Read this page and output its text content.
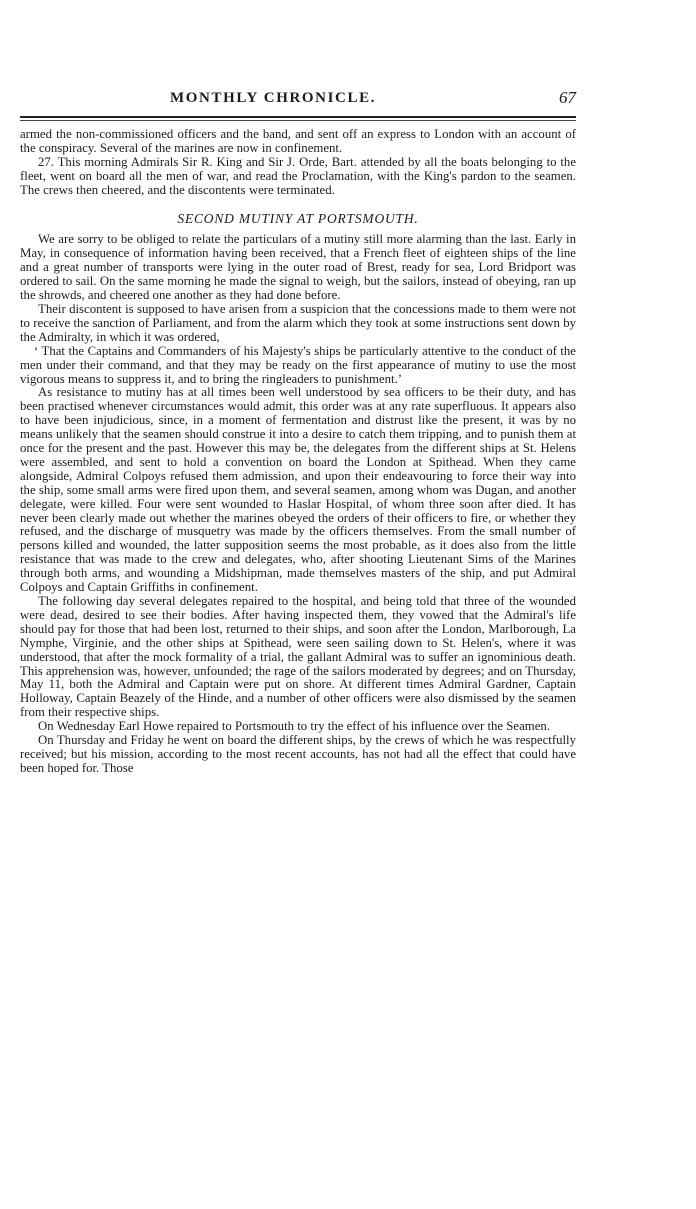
MONTHLY CHRONICLE.	67

armed the non-commissioned officers and the band, and sent off an express to London with an account of the conspiracy. Several of the marines are now in confinement.

27. This morning Admirals Sir R. King and Sir J. Orde, Bart. attended by all the boats belonging to the fleet, went on board all the men of war, and read the Proclamation, with the King's pardon to the seamen. The crews then cheered, and the discontents were terminated.

SECOND MUTINY AT PORTSMOUTH.

We are sorry to be obliged to relate the particulars of a mutiny still more alarming than the last. Early in May, in consequence of information having been received, that a French fleet of eighteen ships of the line and a great number of transports were lying in the outer road of Brest, ready for sea, Lord Bridport was ordered to sail. On the same morning he made the signal to weigh, but the sailors, instead of obeying, ran up the shrowds, and cheered one another as they had done before.

Their discontent is supposed to have arisen from a suspicion that the concessions made to them were not to receive the sanction of Parliament, and from the alarm which they took at some instructions sent down by the Admiralty, in which it was ordered,

‘ That the Captains and Commanders of his Majesty's ships be particularly attentive to the conduct of the men under their command, and that they may be ready on the first appearance of mutiny to use the most vigorous means to suppress it, and to bring the ringleaders to punishment.’

As resistance to mutiny has at all times been well understood by sea officers to be their duty, and has been practised whenever circumstances would admit, this order was at any rate superfluous. It appears also to have been injudicious, since, in a moment of fermentation and distrust like the present, it was by no means unlikely that the seamen should construe it into a desire to catch them tripping, and to punish them at once for the present and the past. However this may be, the delegates from the different ships at St. Helens were assembled, and sent to hold a convention on board the London at Spithead. When they came alongside, Admiral Colpoys refused them admission, and upon their endeavouring to force their way into the ship, some small arms were fired upon them, and several seamen, among whom was Dugan, and another delegate, were killed. Four were sent wounded to Haslar Hospital, of whom three soon after died. It has never been clearly made out whether the marines obeyed the orders of their officers to fire, or whether they refused, and the discharge of musquetry was made by the officers themselves. From the small number of persons killed and wounded, the latter supposition seems the most probable, as it does also from the little resistance that was made to the crew and delegates, who, after shooting Lieutenant Sims of the Marines through both arms, and wounding a Midshipman, made themselves masters of the ship, and put Admiral Colpoys and Captain Griffiths in confinement.

The following day several delegates repaired to the hospital, and being told that three of the wounded were dead, desired to see their bodies. After having inspected them, they vowed that the Admiral's life should pay for those that had been lost, returned to their ships, and soon after the London, Marlborough, La Nymphe, Virginie, and the other ships at Spithead, were seen sailing down to St. Helen's, where it was understood, that after the mock formality of a trial, the gallant Admiral was to suffer an ignominious death. This apprehension was, however, unfounded; the rage of the sailors moderated by degrees; and on Thursday, May 11, both the Admiral and Captain were put on shore. At different times Admiral Gardner, Captain Holloway, Captain Beazely of the Hinde, and a number of other officers were also dismissed by the seamen from their respective ships.

On Wednesday Earl Howe repaired to Portsmouth to try the effect of his influence over the Seamen.

On Thursday and Friday he went on board the different ships, by the crews of which he was respectfully received; but his mission, according to the most recent accounts, has not had all the effect that could have been hoped for. Those
